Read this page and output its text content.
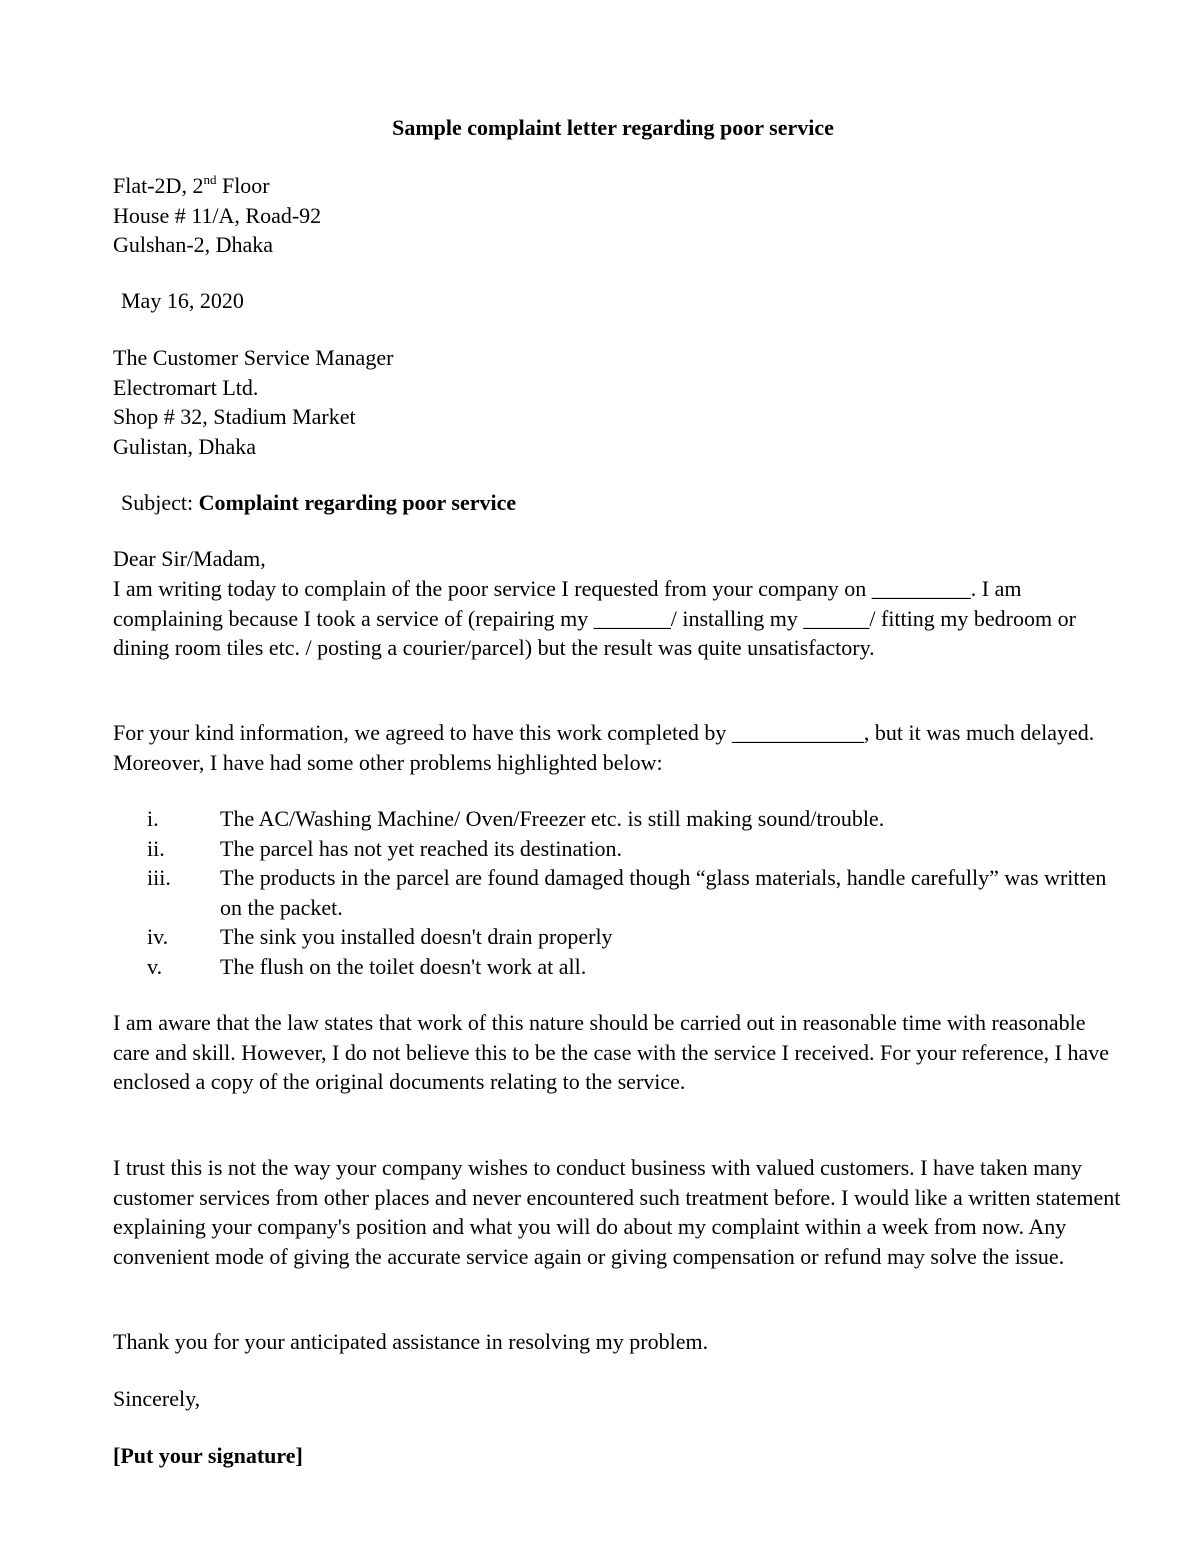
Sample complaint letter regarding poor service
Flat-2D, 2nd Floor
House # 11/A, Road-92
Gulshan-2, Dhaka
May 16, 2020
The Customer Service Manager
Electromart Ltd.
Shop # 32, Stadium Market
Gulistan, Dhaka
Subject: Complaint regarding poor service
Dear Sir/Madam,
I am writing today to complain of the poor service I requested from your company on _________. I am complaining because I took a service of (repairing my _______/ installing my ______/ fitting my bedroom or dining room tiles etc. / posting a courier/parcel) but the result was quite unsatisfactory.
For your kind information, we agreed to have this work completed by ____________, but it was much delayed. Moreover, I have had some other problems highlighted below:
i.	The AC/Washing Machine/ Oven/Freezer etc. is still making sound/trouble.
ii.	The parcel has not yet reached its destination.
iii.	The products in the parcel are found damaged though “glass materials, handle carefully” was written on the packet.
iv.	The sink you installed doesn't drain properly
v.	The flush on the toilet doesn't work at all.
I am aware that the law states that work of this nature should be carried out in reasonable time with reasonable care and skill. However, I do not believe this to be the case with the service I received. For your reference, I have enclosed a copy of the original documents relating to the service.
I trust this is not the way your company wishes to conduct business with valued customers. I have taken many customer services from other places and never encountered such treatment before. I would like a written statement explaining your company's position and what you will do about my complaint within a week from now. Any convenient mode of giving the accurate service again or giving compensation or refund may solve the issue.
Thank you for your anticipated assistance in resolving my problem.
Sincerely,
[Put your signature]
